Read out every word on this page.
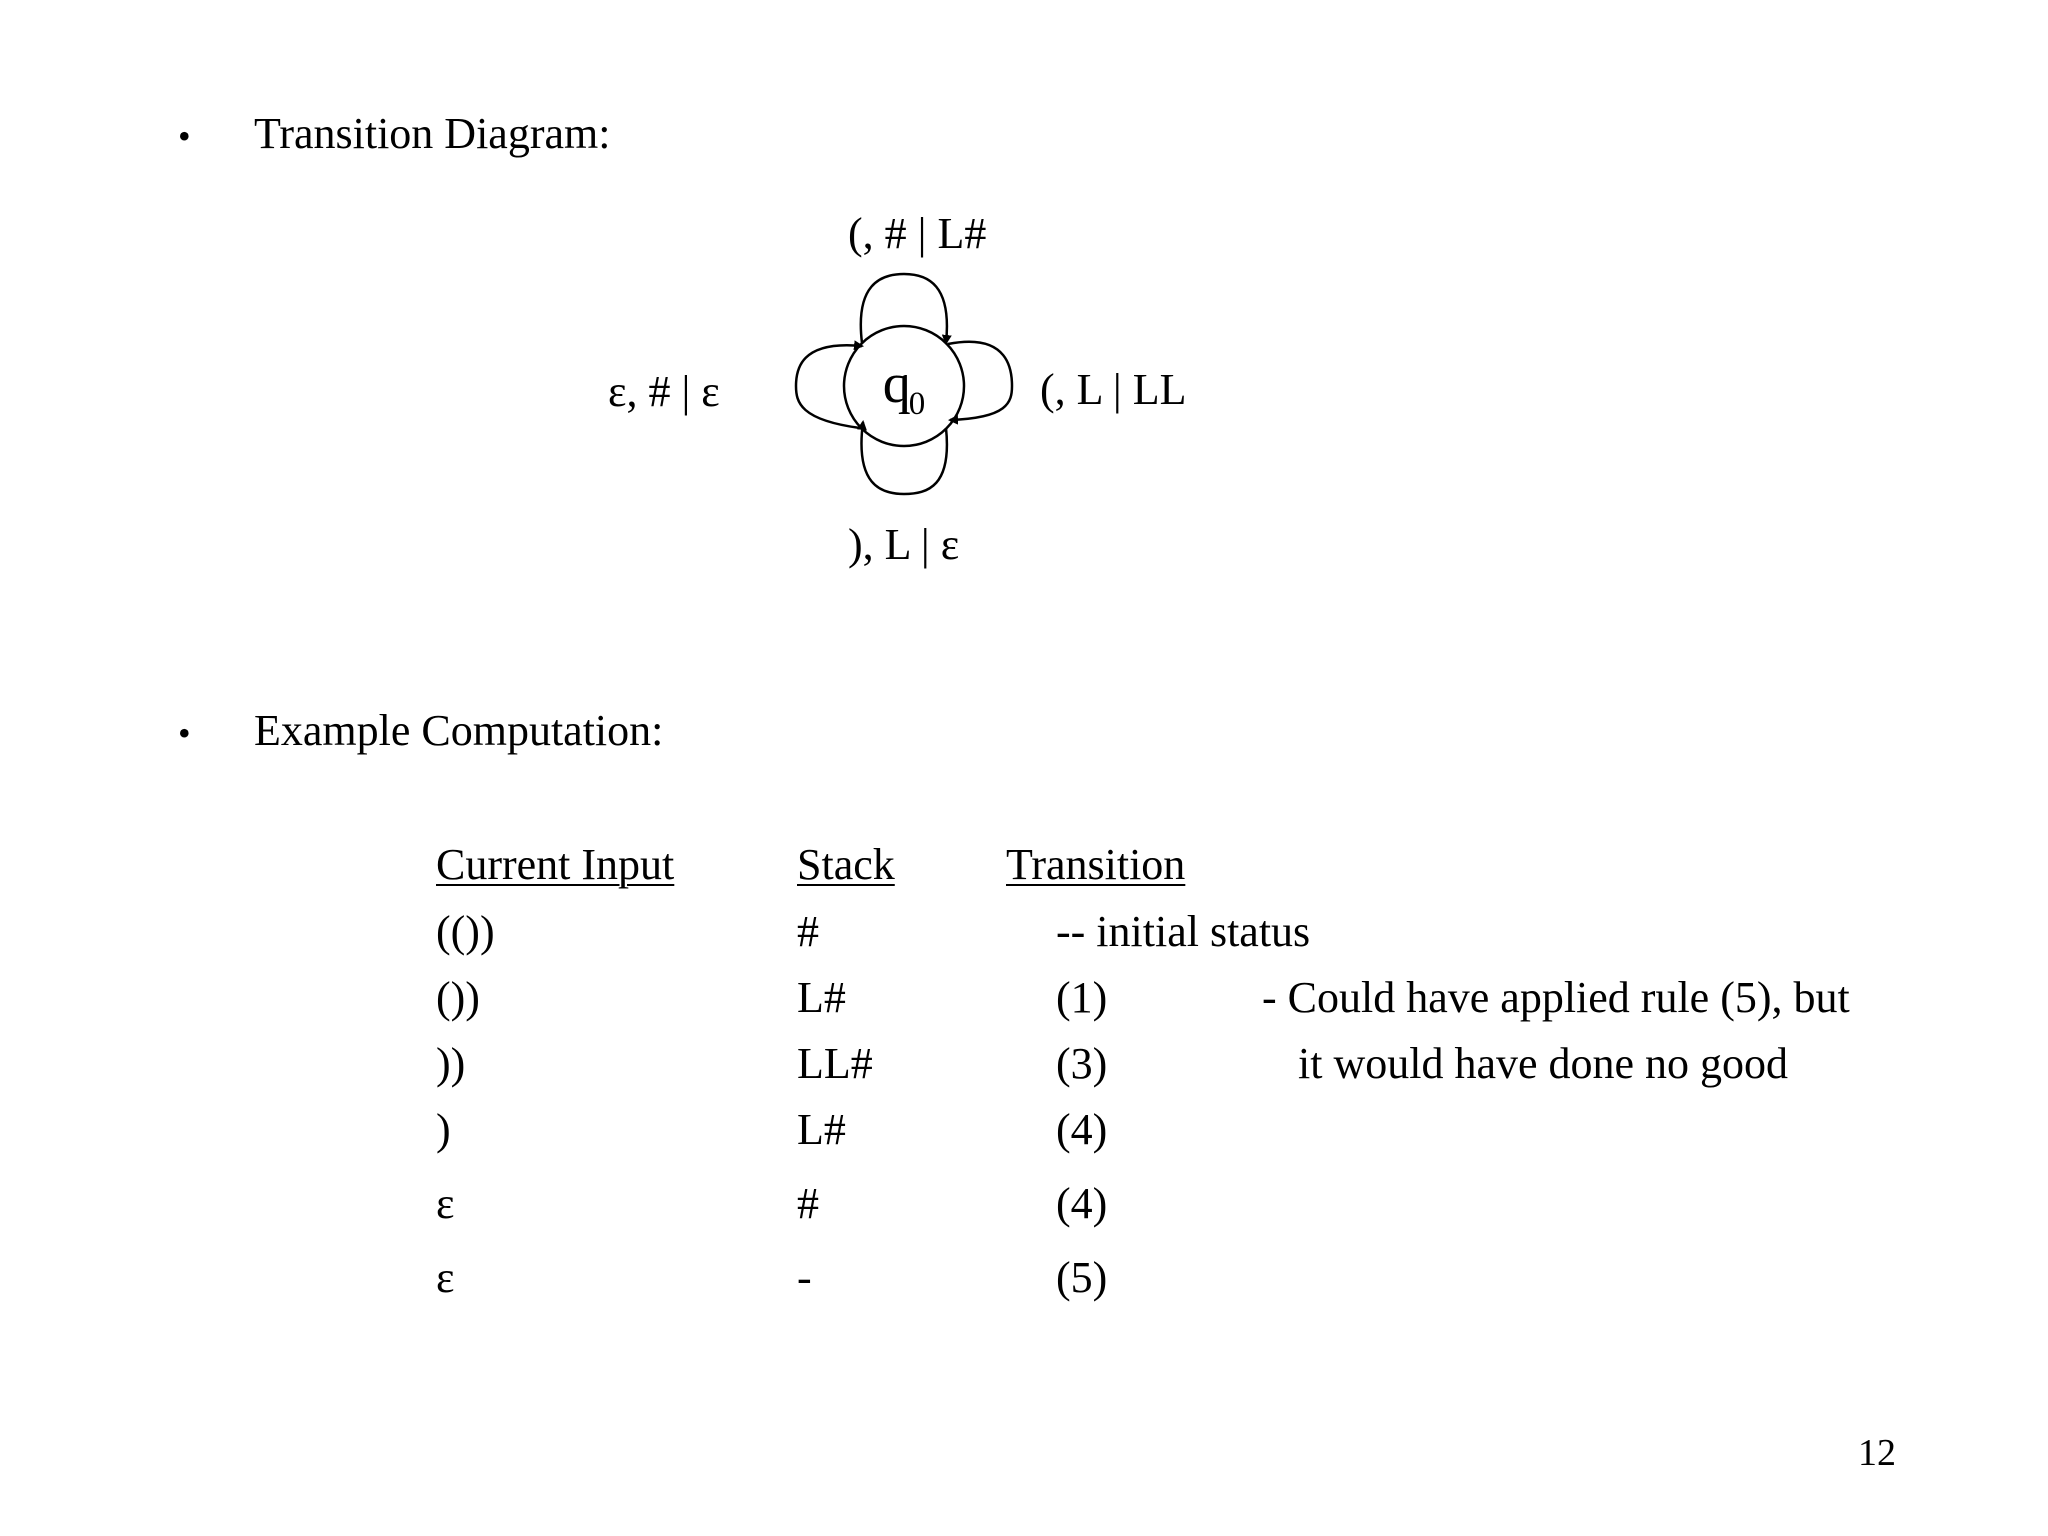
• Transition Diagram:
• Example Computation:
$q_0$
(, # | L#
(, L | LL
), L | ε
ε, # | ε
Current Input	Stack	Transition
(())	#	-- initial status
())	L#	(1)	- Could have applied rule (5), but
))	LL#	(3)	it would have done no good
)	L#	(4)
ε	#	(4)
ε	-	(5)
12
